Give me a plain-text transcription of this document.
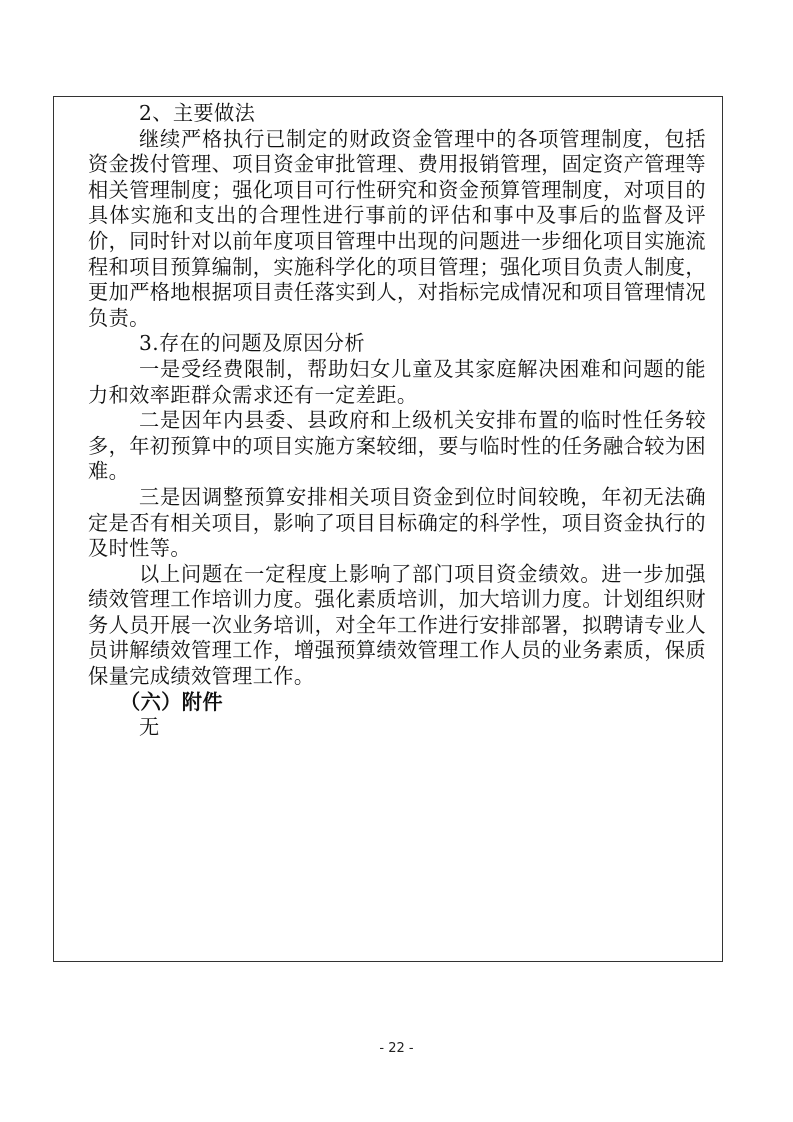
2、主要做法

继续严格执行已制定的财政资金管理中的各项管理制度，包括资金拨付管理、项目资金审批管理、费用报销管理，固定资产管理等相关管理制度；强化项目可行性研究和资金预算管理制度，对项目的具体实施和支出的合理性进行事前的评估和事中及事后的监督及评价，同时针对以前年度项目管理中出现的问题进一步细化项目实施流程和项目预算编制，实施科学化的项目管理；强化项目负责人制度，更加严格地根据项目责任落实到人，对指标完成情况和项目管理情况负责。

3.存在的问题及原因分析

一是受经费限制，帮助妇女儿童及其家庭解决困难和问题的能力和效率距群众需求还有一定差距。

二是因年内县委、县政府和上级机关安排布置的临时性任务较多，年初预算中的项目实施方案较细，要与临时性的任务融合较为困难。

三是因调整预算安排相关项目资金到位时间较晚，年初无法确定是否有相关项目，影响了项目目标确定的科学性，项目资金执行的及时性等。

以上问题在一定程度上影响了部门项目资金绩效。进一步加强绩效管理工作培训力度。强化素质培训，加大培训力度。计划组织财务人员开展一次业务培训，对全年工作进行安排部署，拟聘请专业人员讲解绩效管理工作，增强预算绩效管理工作人员的业务素质，保质保量完成绩效管理工作。

（六）附件

无

- 22 -
